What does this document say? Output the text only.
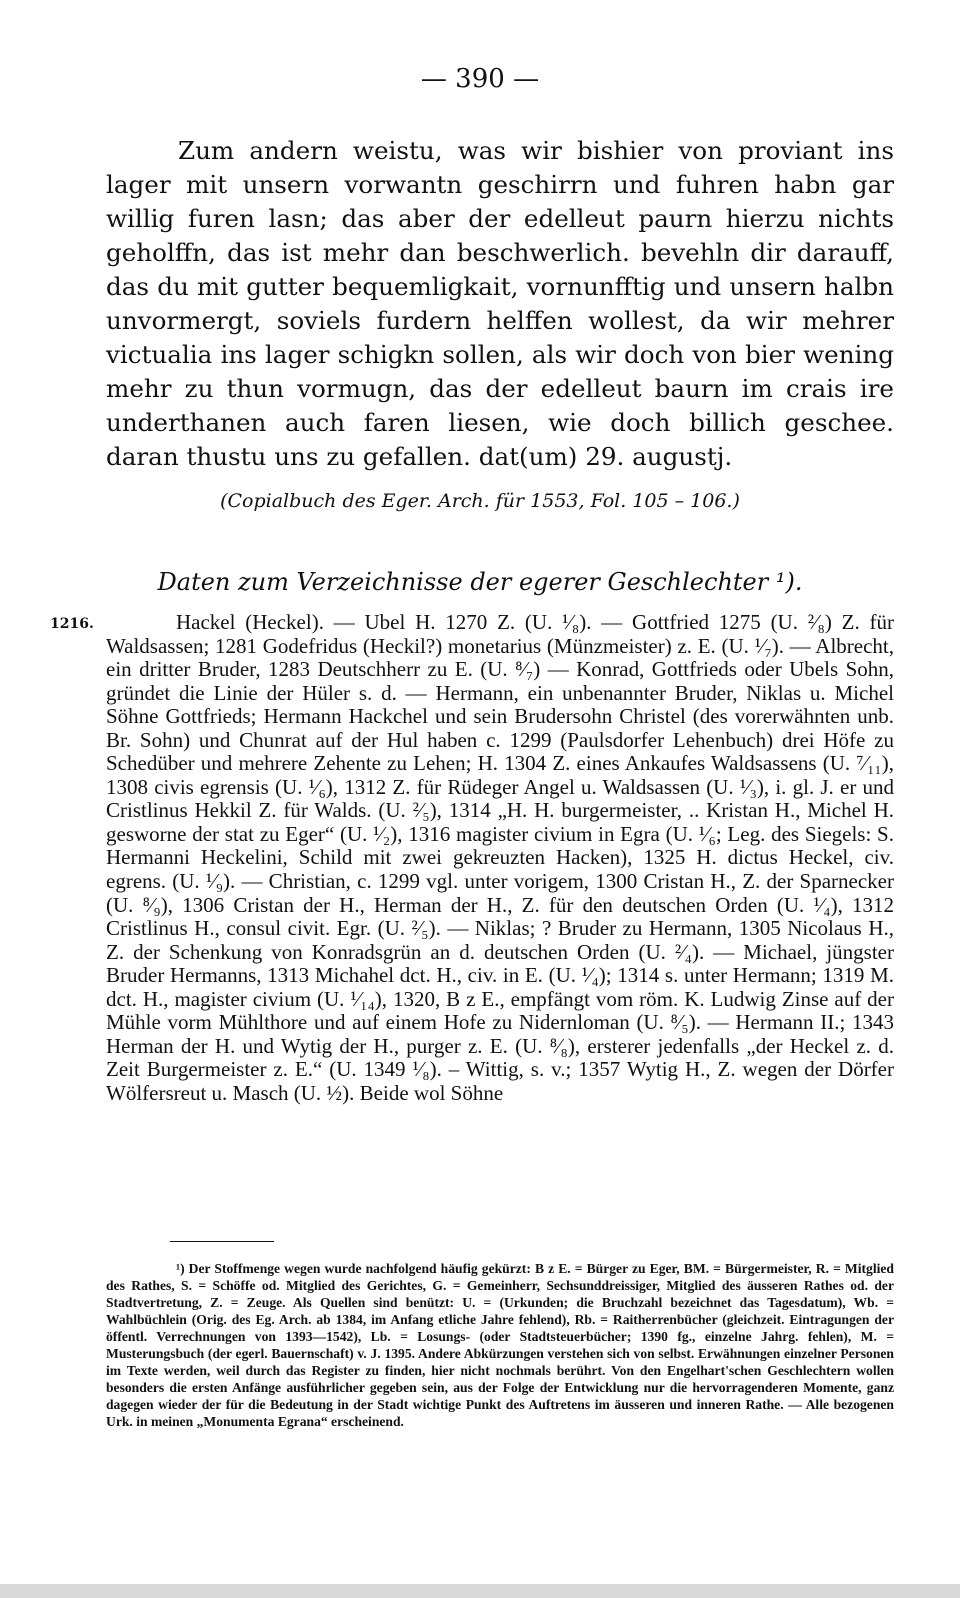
— 390 —
Zum andern weistu, was wir bishier von proviant ins lager mit unsern vorwantn geschirrn und fuhren habn gar willig furen lasn; das aber der edelleut paurn hierzu nichts geholffn, das ist mehr dan beschwerlich. bevehln dir darauff, das du mit gutter bequemligkait, vornunfftig und unsern halbn unvormergt, soviels furdern helffen wollest, da wir mehrer victualia ins lager schigkn sollen, als wir doch von bier wening mehr zu thun vormugn, das der edelleut baurn im crais ire underthanen auch faren liesen, wie doch billich geschee. daran thustu uns zu gefallen. dat(um) 29. augustj.
(Copialbuch des Eger. Arch. für 1553, Fol. 105 – 106.)
Daten zum Verzeichnisse der egerer Geschlechter ¹).
1216.	Hackel (Heckel). — Ubel H. 1270 Z. (U. ¹⁄₈). — Gottfried 1275 (U. ²⁄₈) Z. für Waldsassen; 1281 Godefridus (Heckil?) monetarius (Münzmeister) z. E. (U. ¹⁄₇). — Albrecht, ein dritter Bruder, 1283 Deutschherr zu E. (U. ⁸⁄₇) — Konrad, Gottfrieds oder Ubels Sohn, gründet die Linie der Hüler s. d. — Hermann, ein unbenannter Bruder, Niklas u. Michel Söhne Gottfrieds; Hermann Hackchel und sein Brudersohn Christel (des vorerwähnten unb. Br. Sohn) und Chunrat auf der Hul haben c. 1299 (Paulsdorfer Lehenbuch) drei Höfe zu Schedüber und mehrere Zehente zu Lehen; H. 1304 Z. eines Ankaufes Waldsassens (U. ⁷⁄₁₁), 1308 civis egrensis (U. ¹⁄₆), 1312 Z. für Rüdeger Angel u. Waldsassen (U. ¹⁄₃), i. gl. J. er und Cristlinus Hekkil Z. für Walds. (U. ²⁄₅), 1314 „H. H. burgermeister, .. Kristan H., Michel H. gesworne der stat zu Eger“ (U. ¹⁄₂), 1316 magister civium in Egra (U. ¹⁄₆; Leg. des Siegels: S. Hermanni Heckelini, Schild mit zwei gekreuzten Hacken), 1325 H. dictus Heckel, civ. egrens. (U. ¹⁄₉). — Christian, c. 1299 vgl. unter vorigem, 1300 Cristan H., Z. der Sparnecker (U. ⁸⁄₉), 1306 Cristan der H., Herman der H., Z. für den deutschen Orden (U. ¹⁄₄), 1312 Cristlinus H., consul civit. Egr. (U. ²⁄₅). — Niklas; ? Bruder zu Hermann, 1305 Nicolaus H., Z. der Schenkung von Konradsgrün an d. deutschen Orden (U. ²⁄₄). — Michael, jüngster Bruder Hermanns, 1313 Michahel dct. H., civ. in E. (U. ¹⁄₄); 1314 s. unter Hermann; 1319 M. dct. H., magister civium (U. ¹⁄₁₄), 1320, B z E., empfängt vom röm. K. Ludwig Zinse auf der Mühle vorm Mühlthore und auf einem Hofe zu Nidernloman (U. ⁸⁄₅). — Hermann II.; 1343 Herman der H. und Wytig der H., purger z. E. (U. ⁸⁄₈), ersterer jedenfalls „der Heckel z. d. Zeit Burgermeister z. E.“ (U. 1349 ¹⁄₈). – Wittig, s. v.; 1357 Wytig H., Z. wegen der Dörfer Wölfersreut u. Masch (U. ½). Beide wol Söhne
¹) Der Stoffmenge wegen wurde nachfolgend häufig gekürzt: B z E. = Bürger zu Eger, BM. = Bürgermeister, R. = Mitglied des Rathes, S. = Schöffe od. Mitglied des Gerichtes, G. = Gemeinherr, Sechsunddreissiger, Mitglied des äusseren Rathes od. der Stadtvertretung, Z. = Zeuge. Als Quellen sind benützt: U. = (Urkunden; die Bruchzahl bezeichnet das Tagesdatum), Wb. = Wahlbüchlein (Orig. des Eg. Arch. ab 1384, im Anfang etliche Jahre fehlend), Rb. = Raitherrenbücher (gleichzeit. Eintragungen der öffentl. Verrechnungen von 1393—1542), Lb. = Losungs- (oder Stadtsteuerbücher; 1390 fg., einzelne Jahrg. fehlen), M. = Musterungsbuch (der egerl. Bauernschaft) v. J. 1395. Andere Abkürzungen verstehen sich von selbst. Erwähnungen einzelner Personen im Texte werden, weil durch das Register zu finden, hier nicht nochmals berührt. Von den Engelhart'schen Geschlechtern wollen besonders die ersten Anfänge ausführlicher gegeben sein, aus der Folge der Entwicklung nur die hervorragenderen Momente, ganz dagegen wieder der für die Bedeutung in der Stadt wichtige Punkt des Auftretens im äusseren und inneren Rathe. — Alle bezogenen Urk. in meinen „Monumenta Egrana“ erscheinend.
